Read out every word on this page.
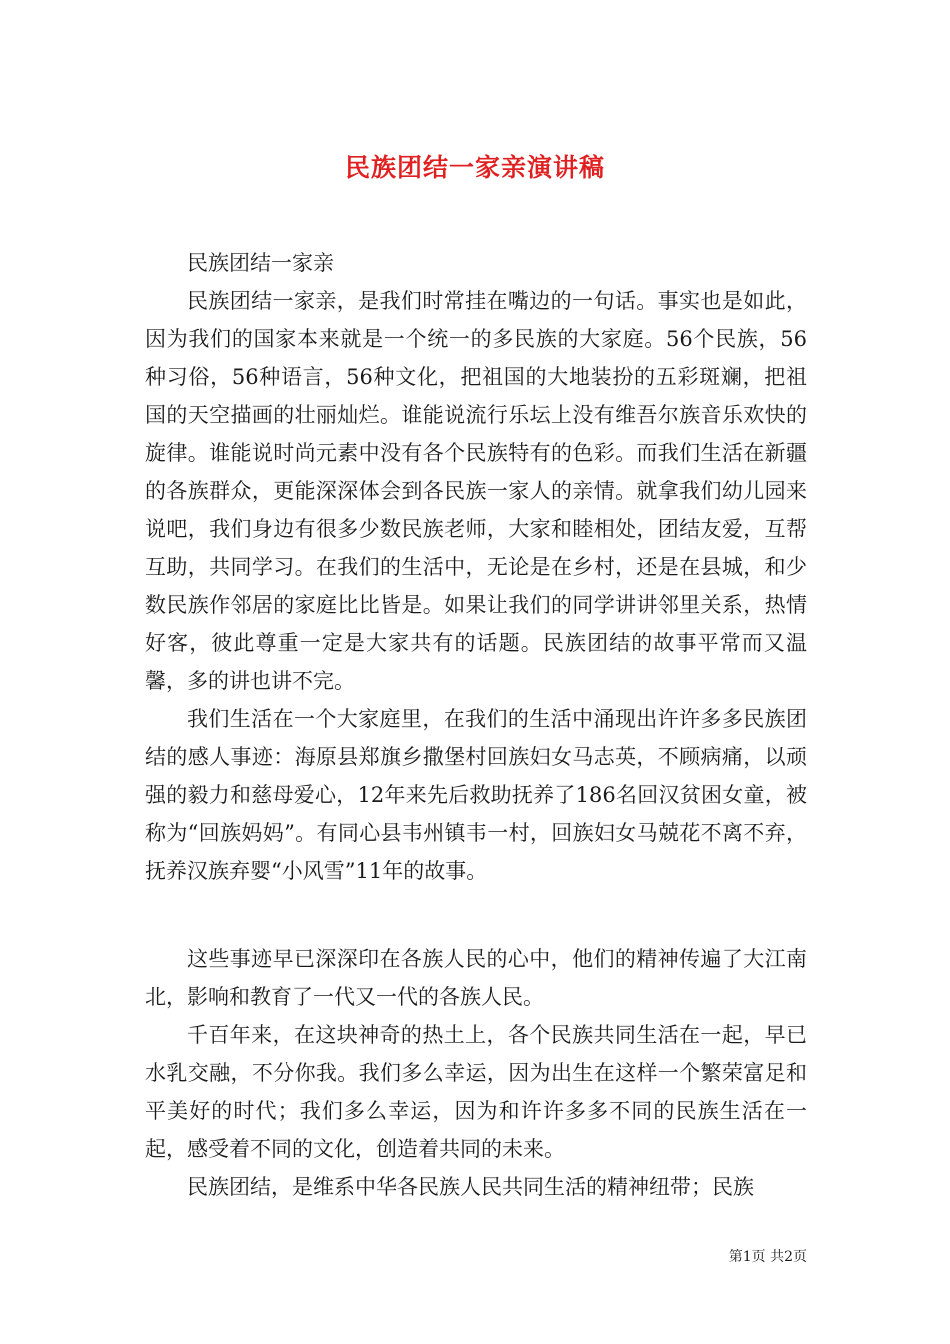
民族团结一家亲演讲稿

民族团结一家亲

民族团结一家亲，是我们时常挂在嘴边的一句话。事实也是如此，因为我们的国家本来就是一个统一的多民族的大家庭。56个民族，56种习俗，56种语言，56种文化，把祖国的大地装扮的五彩斑斓，把祖国的天空描画的壮丽灿烂。谁能说流行乐坛上没有维吾尔族音乐欢快的旋律。谁能说时尚元素中没有各个民族特有的色彩。而我们生活在新疆的各族群众，更能深深体会到各民族一家人的亲情。就拿我们幼儿园来说吧，我们身边有很多少数民族老师，大家和睦相处，团结友爱，互帮互助，共同学习。在我们的生活中，无论是在乡村，还是在县城，和少数民族作邻居的家庭比比皆是。如果让我们的同学讲讲邻里关系，热情好客，彼此尊重一定是大家共有的话题。民族团结的故事平常而又温馨，多的讲也讲不完。

我们生活在一个大家庭里，在我们的生活中涌现出许许多多民族团结的感人事迹：海原县郑旗乡撒堡村回族妇女马志英，不顾病痛，以顽强的毅力和慈母爱心，12年来先后救助抚养了186名回汉贫困女童，被称为“回族妈妈”。有同心县韦州镇韦一村，回族妇女马兢花不离不弃，抚养汉族弃婴“小风雪”11年的故事。

这些事迹早已深深印在各族人民的心中，他们的精神传遍了大江南北，影响和教育了一代又一代的各族人民。

千百年来，在这块神奇的热土上，各个民族共同生活在一起，早已水乳交融，不分你我。我们多么幸运，因为出生在这样一个繁荣富足和平美好的时代；我们多么幸运，因为和许许多多不同的民族生活在一起，感受着不同的文化，创造着共同的未来。

民族团结，是维系中华各民族人民共同生活的精神纽带；民族

第1页 共2页
